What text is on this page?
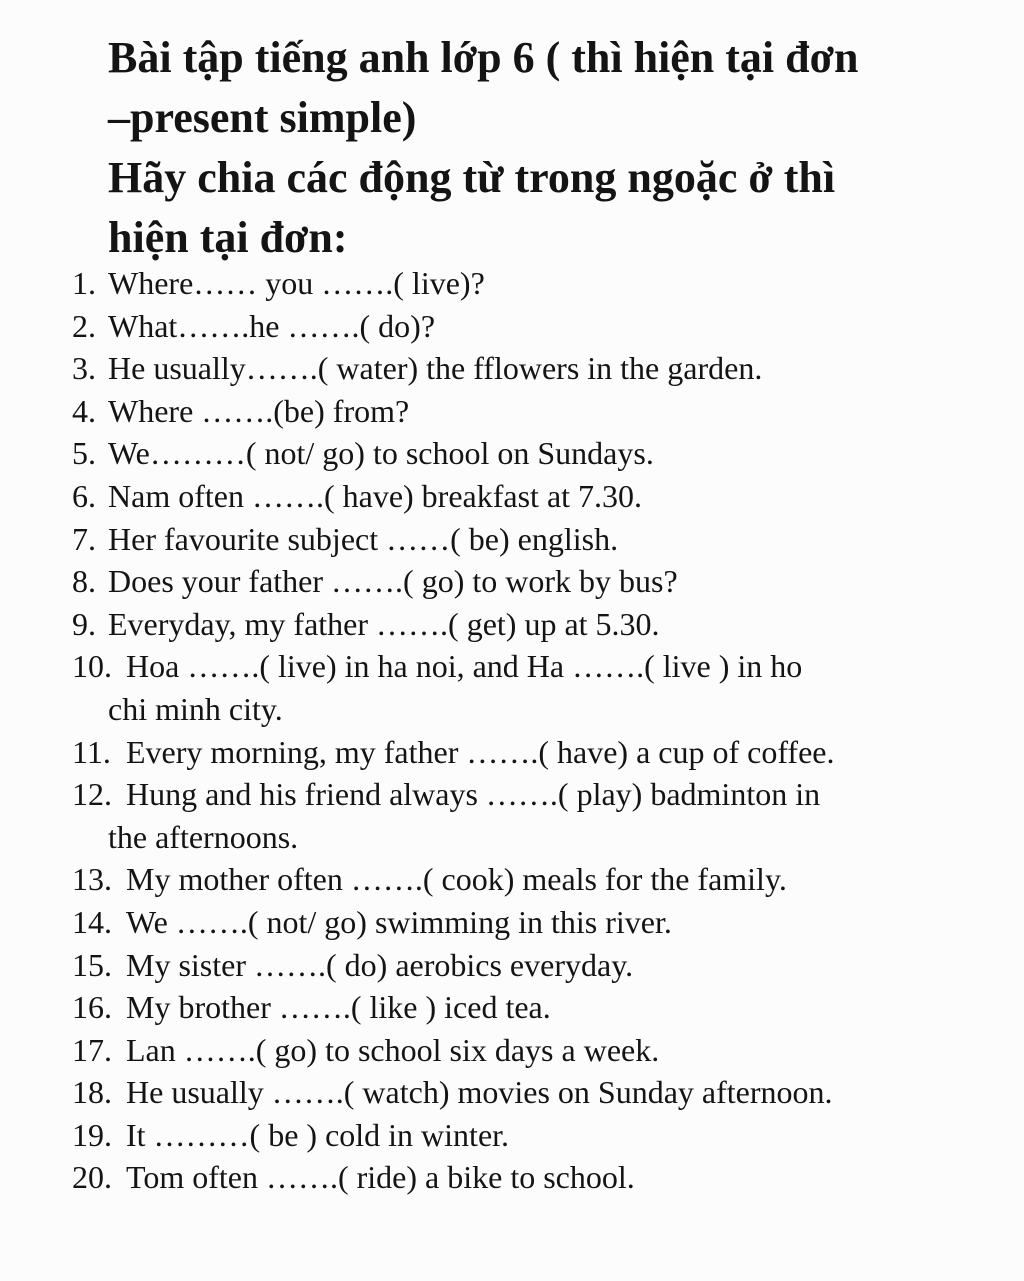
Bài tập tiếng anh lớp 6 ( thì hiện tại đơn
–present simple)
Hãy chia các động từ trong ngoặc ở thì
hiện tại đơn:
1. Where…… you …….( live)?
2. What…….he …….( do)?
3. He usually…….( water) the fflowers in the garden.
4. Where …….(be) from?
5. We………( not/ go) to school on Sundays.
6. Nam often …….( have) breakfast at 7.30.
7. Her favourite subject ……( be) english.
8. Does your father …….( go) to work by bus?
9. Everyday, my father …….( get) up at 5.30.
10. Hoa …….( live) in ha noi, and Ha …….( live ) in ho
chi minh city.
11. Every morning, my father …….( have) a cup of coffee.
12. Hung and his friend always …….( play) badminton in
the afternoons.
13. My mother often …….( cook) meals for the family.
14. We …….( not/ go) swimming in this river.
15. My sister …….( do) aerobics everyday.
16. My brother …….( like ) iced tea.
17. Lan …….( go) to school six days a week.
18. He usually …….( watch) movies on Sunday afternoon.
19. It ………( be ) cold in winter.
20. Tom often …….( ride) a bike to school.
